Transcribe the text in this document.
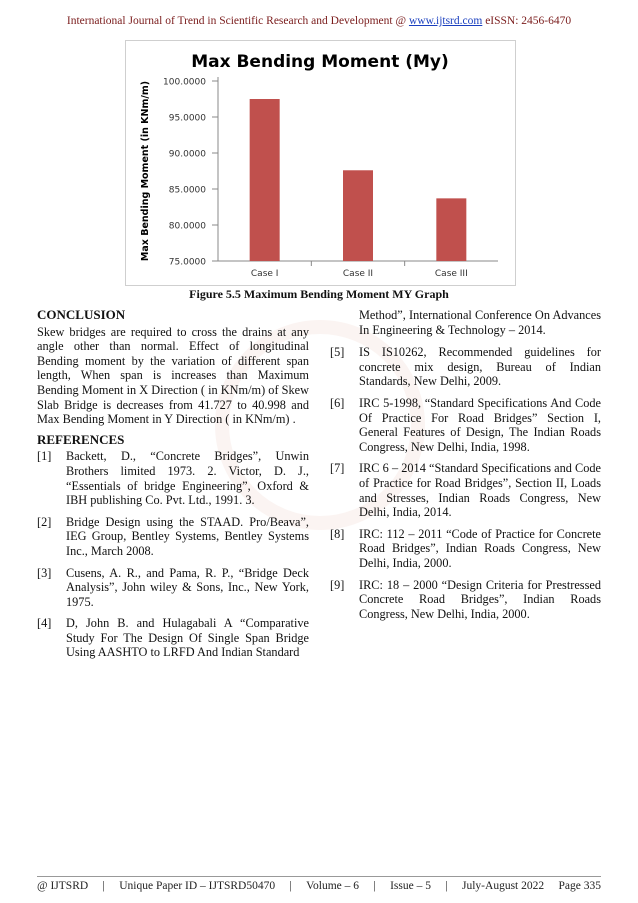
International Journal of Trend in Scientific Research and Development @ www.ijtsrd.com eISSN: 2456-6470
Max Bending Moment (My)
Max Bending Moment (in KNm/m)
75.0000
80.0000
85.0000
90.0000
95.0000
100.0000
Case I	Case II	Case III
Figure 5.5 Maximum Bending Moment MY Graph
CONCLUSION
Skew bridges are required to cross the drains at any angle other than normal. Effect of longitudinal Bending moment by the variation of different span length, When span is increases than Maximum Bending Moment in X Direction ( in KNm/m) of Skew Slab Bridge is decreases from 41.727 to 40.998 and Max Bending Moment in Y Direction ( in KNm/m) .
REFERENCES
[1]	Backett, D., “Concrete Bridges”, Unwin Brothers limited 1973. 2. Victor, D. J., “Essentials of bridge Engineering”, Oxford & IBH publishing Co. Pvt. Ltd., 1991. 3.
[2]	Bridge Design using the STAAD. Pro/Beava”, IEG Group, Bentley Systems, Bentley Systems Inc., March 2008.
[3]	Cusens, A. R., and Pama, R. P., “Bridge Deck Analysis”, John wiley & Sons, Inc., New York, 1975.
[4]	D, John B. and Hulagabali A “Comparative Study For The Design Of Single Span Bridge Using AASHTO to LRFD And Indian Standard
Method”, International Conference On Advances In Engineering & Technology – 2014.
[5]	IS IS10262, Recommended guidelines for concrete mix design, Bureau of Indian Standards, New Delhi, 2009.
[6]	IRC 5-1998, “Standard Specifications And Code Of Practice For Road Bridges” Section I, General Features of Design, The Indian Roads Congress, New Delhi, India, 1998.
[7]	IRC 6 – 2014 “Standard Specifications and Code of Practice for Road Bridges”, Section II, Loads and Stresses, Indian Roads Congress, New Delhi, India, 2014.
[8]	IRC: 112 – 2011 “Code of Practice for Concrete Road Bridges”, Indian Roads Congress, New Delhi, India, 2000.
[9]	IRC: 18 – 2000 “Design Criteria for Prestressed Concrete Road Bridges”, Indian Roads Congress, New Delhi, India, 2000.
@ IJTSRD | Unique Paper ID – IJTSRD50470 | Volume – 6 | Issue – 5 | July-August 2022 Page 335
